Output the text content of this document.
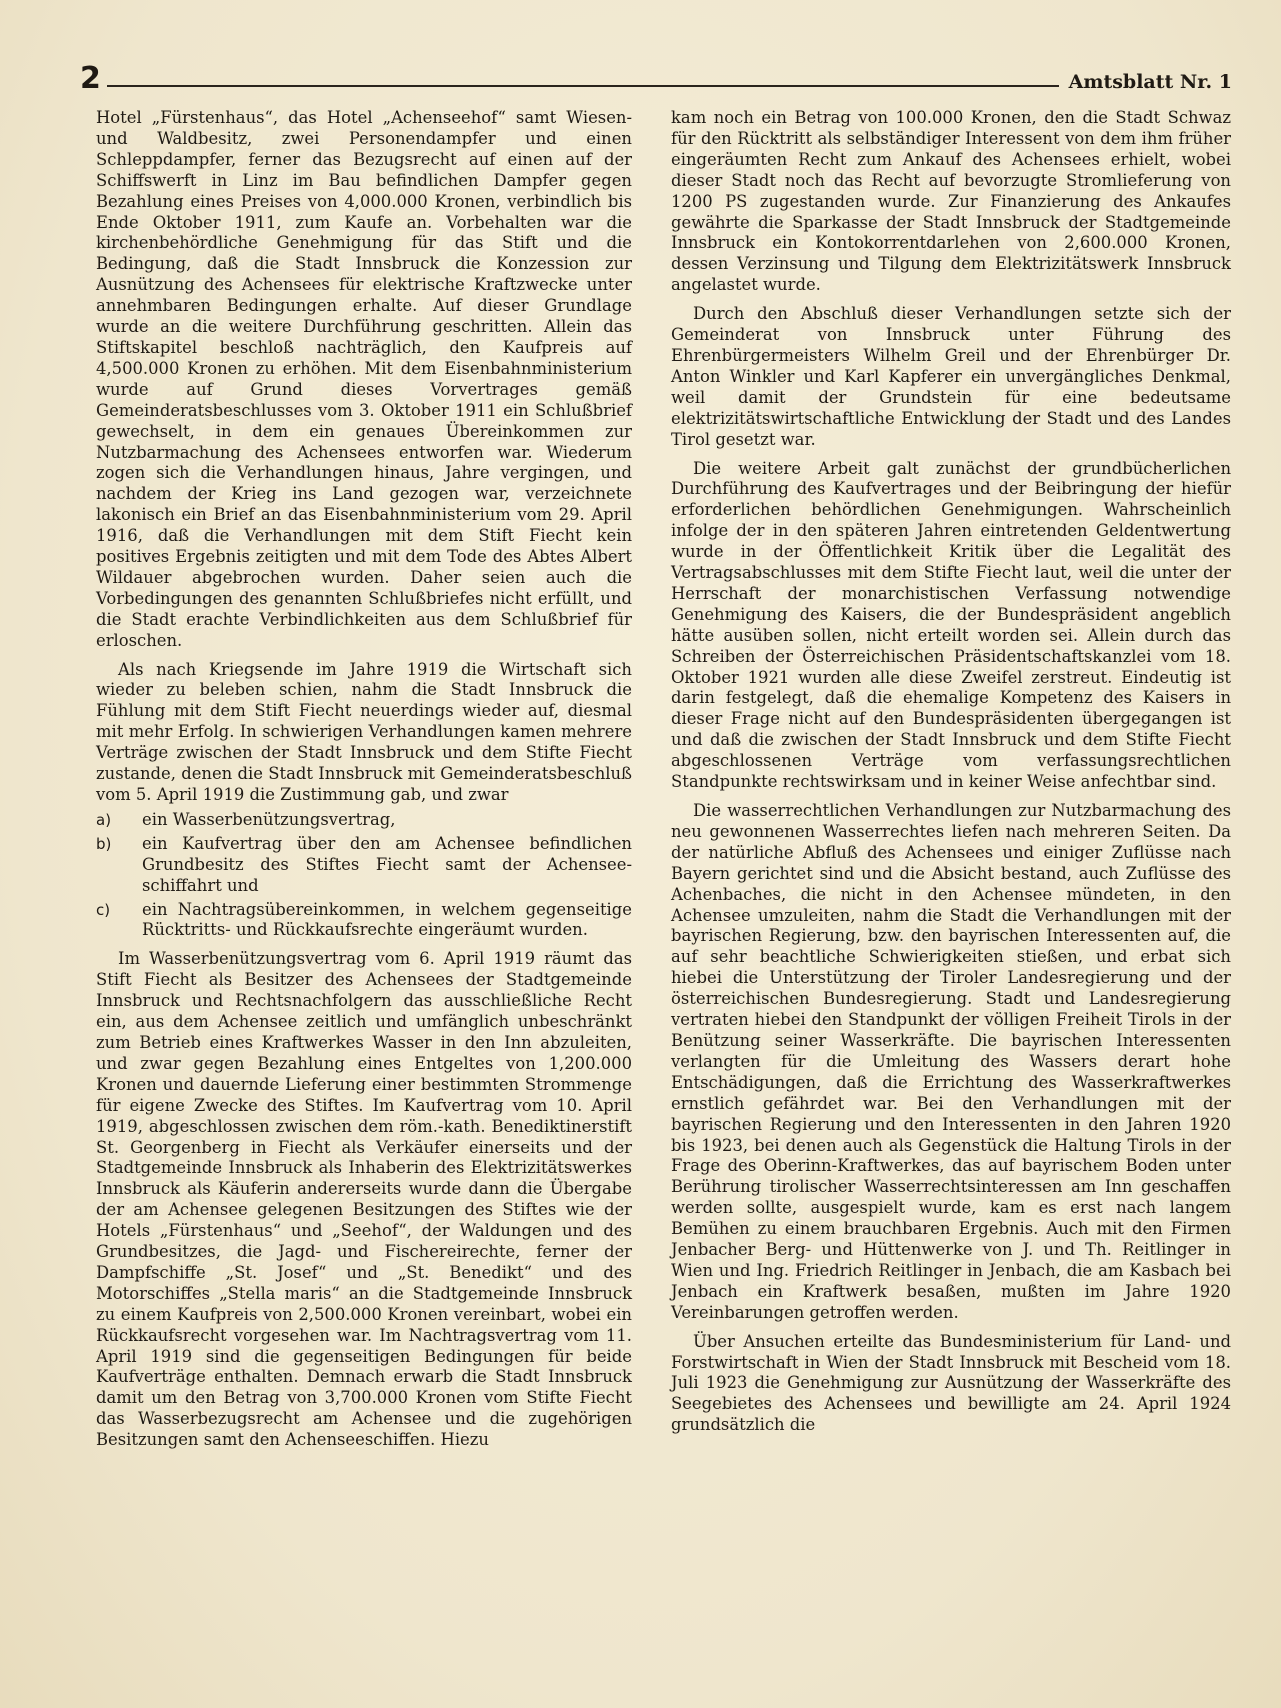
2	Amtsblatt Nr. 1

Hotel „Fürstenhaus“, das Hotel „Achenseehof“ samt Wiesen- und Waldbesitz, zwei Personendampfer und einen Schleppdampfer, ferner das Bezugsrecht auf einen auf der Schiffswerft in Linz im Bau befindlichen Dampfer gegen Bezahlung eines Preises von 4,000.000 Kronen, verbindlich bis Ende Oktober 1911, zum Kaufe an. Vorbehalten war die kirchenbehördliche Genehmigung für das Stift und die Bedingung, daß die Stadt Innsbruck die Konzession zur Ausnützung des Achensees für elektrische Kraftzwecke unter annehmbaren Bedingungen erhalte. Auf dieser Grundlage wurde an die weitere Durchführung geschritten. Allein das Stiftskapitel beschloß nachträglich, den Kaufpreis auf 4,500.000 Kronen zu erhöhen. Mit dem Eisenbahnministerium wurde auf Grund dieses Vorvertrages gemäß Gemeinderatsbeschlusses vom 3. Oktober 1911 ein Schlußbrief gewechselt, in dem ein genaues Übereinkommen zur Nutzbarmachung des Achensees entworfen war. Wiederum zogen sich die Verhandlungen hinaus, Jahre vergingen, und nachdem der Krieg ins Land gezogen war, verzeichnete lakonisch ein Brief an das Eisenbahnministerium vom 29. April 1916, daß die Verhandlungen mit dem Stift Fiecht kein positives Ergebnis zeitigten und mit dem Tode des Abtes Albert Wildauer abgebrochen wurden. Daher seien auch die Vorbedingungen des genannten Schlußbriefes nicht erfüllt, und die Stadt erachte Verbindlichkeiten aus dem Schlußbrief für erloschen.

Als nach Kriegsende im Jahre 1919 die Wirtschaft sich wieder zu beleben schien, nahm die Stadt Innsbruck die Fühlung mit dem Stift Fiecht neuerdings wieder auf, diesmal mit mehr Erfolg. In schwierigen Verhandlungen kamen mehrere Verträge zwischen der Stadt Innsbruck und dem Stifte Fiecht zustande, denen die Stadt Innsbruck mit Gemeinderatsbeschluß vom 5. April 1919 die Zustimmung gab, und zwar

a)	ein Wasserbenützungsvertrag,
b)	ein Kaufvertrag über den am Achensee befindlichen Grundbesitz des Stiftes Fiecht samt der Achensee-schiffahrt und
c)	ein Nachtragsübereinkommen, in welchem gegenseitige Rücktritts- und Rückkaufsrechte eingeräumt wurden.

Im Wasserbenützungsvertrag vom 6. April 1919 räumt das Stift Fiecht als Besitzer des Achensees der Stadtgemeinde Innsbruck und Rechtsnachfolgern das ausschließliche Recht ein, aus dem Achensee zeitlich und umfänglich unbeschränkt zum Betrieb eines Kraftwerkes Wasser in den Inn abzuleiten, und zwar gegen Bezahlung eines Entgeltes von 1,200.000 Kronen und dauernde Lieferung einer bestimmten Strommenge für eigene Zwecke des Stiftes. Im Kaufvertrag vom 10. April 1919, abgeschlossen zwischen dem röm.-kath. Benediktinerstift St. Georgenberg in Fiecht als Verkäufer einerseits und der Stadtgemeinde Innsbruck als Inhaberin des Elektrizitätswerkes Innsbruck als Käuferin andererseits wurde dann die Übergabe der am Achensee gelegenen Besitzungen des Stiftes wie der Hotels „Fürstenhaus“ und „Seehof“, der Waldungen und des Grundbesitzes, die Jagd- und Fischereirechte, ferner der Dampfschiffe „St. Josef“ und „St. Benedikt“ und des Motorschiffes „Stella maris“ an die Stadtgemeinde Innsbruck zu einem Kaufpreis von 2,500.000 Kronen vereinbart, wobei ein Rückkaufsrecht vorgesehen war. Im Nachtragsvertrag vom 11. April 1919 sind die gegenseitigen Bedingungen für beide Kaufverträge enthalten. Demnach erwarb die Stadt Innsbruck damit um den Betrag von 3,700.000 Kronen vom Stifte Fiecht das Wasserbezugsrecht am Achensee und die zugehörigen Besitzungen samt den Achenseeschiffen. Hiezu

kam noch ein Betrag von 100.000 Kronen, den die Stadt Schwaz für den Rücktritt als selbständiger Interessent von dem ihm früher eingeräumten Recht zum Ankauf des Achensees erhielt, wobei dieser Stadt noch das Recht auf bevorzugte Stromlieferung von 1200 PS zugestanden wurde. Zur Finanzierung des Ankaufes gewährte die Sparkasse der Stadt Innsbruck der Stadtgemeinde Innsbruck ein Kontokorrentdarlehen von 2,600.000 Kronen, dessen Verzinsung und Tilgung dem Elektrizitätswerk Innsbruck angelastet wurde.

Durch den Abschluß dieser Verhandlungen setzte sich der Gemeinderat von Innsbruck unter Führung des Ehrenbürgermeisters Wilhelm Greil und der Ehrenbürger Dr. Anton Winkler und Karl Kapferer ein unvergängliches Denkmal, weil damit der Grundstein für eine bedeutsame elektrizitätswirtschaftliche Entwicklung der Stadt und des Landes Tirol gesetzt war.

Die weitere Arbeit galt zunächst der grundbücherlichen Durchführung des Kaufvertrages und der Beibringung der hiefür erforderlichen behördlichen Genehmigungen. Wahrscheinlich infolge der in den späteren Jahren eintretenden Geldentwertung wurde in der Öffentlichkeit Kritik über die Legalität des Vertragsabschlusses mit dem Stifte Fiecht laut, weil die unter der Herrschaft der monarchistischen Verfassung notwendige Genehmigung des Kaisers, die der Bundespräsident angeblich hätte ausüben sollen, nicht erteilt worden sei. Allein durch das Schreiben der Österreichischen Präsidentschaftskanzlei vom 18. Oktober 1921 wurden alle diese Zweifel zerstreut. Eindeutig ist darin festgelegt, daß die ehemalige Kompetenz des Kaisers in dieser Frage nicht auf den Bundespräsidenten übergegangen ist und daß die zwischen der Stadt Innsbruck und dem Stifte Fiecht abgeschlossenen Verträge vom verfassungsrechtlichen Standpunkte rechtswirksam und in keiner Weise anfechtbar sind.

Die wasserrechtlichen Verhandlungen zur Nutzbarmachung des neu gewonnenen Wasserrechtes liefen nach mehreren Seiten. Da der natürliche Abfluß des Achensees und einiger Zuflüsse nach Bayern gerichtet sind und die Absicht bestand, auch Zuflüsse des Achenbaches, die nicht in den Achensee mündeten, in den Achensee umzuleiten, nahm die Stadt die Verhandlungen mit der bayrischen Regierung, bzw. den bayrischen Interessenten auf, die auf sehr beachtliche Schwierigkeiten stießen, und erbat sich hiebei die Unterstützung der Tiroler Landesregierung und der österreichischen Bundesregierung. Stadt und Landesregierung vertraten hiebei den Standpunkt der völligen Freiheit Tirols in der Benützung seiner Wasserkräfte. Die bayrischen Interessenten verlangten für die Umleitung des Wassers derart hohe Entschädigungen, daß die Errichtung des Wasserkraftwerkes ernstlich gefährdet war. Bei den Verhandlungen mit der bayrischen Regierung und den Interessenten in den Jahren 1920 bis 1923, bei denen auch als Gegenstück die Haltung Tirols in der Frage des Oberinn-Kraftwerkes, das auf bayrischem Boden unter Berührung tirolischer Wasserrechtsinteressen am Inn geschaffen werden sollte, ausgespielt wurde, kam es erst nach langem Bemühen zu einem brauchbaren Ergebnis. Auch mit den Firmen Jenbacher Berg- und Hüttenwerke von J. und Th. Reitlinger in Wien und Ing. Friedrich Reitlinger in Jenbach, die am Kasbach bei Jenbach ein Kraftwerk besaßen, mußten im Jahre 1920 Vereinbarungen getroffen werden.

Über Ansuchen erteilte das Bundesministerium für Land- und Forstwirtschaft in Wien der Stadt Innsbruck mit Bescheid vom 18. Juli 1923 die Genehmigung zur Ausnützung der Wasserkräfte des Seegebietes des Achensees und bewilligte am 24. April 1924 grundsätzlich die
